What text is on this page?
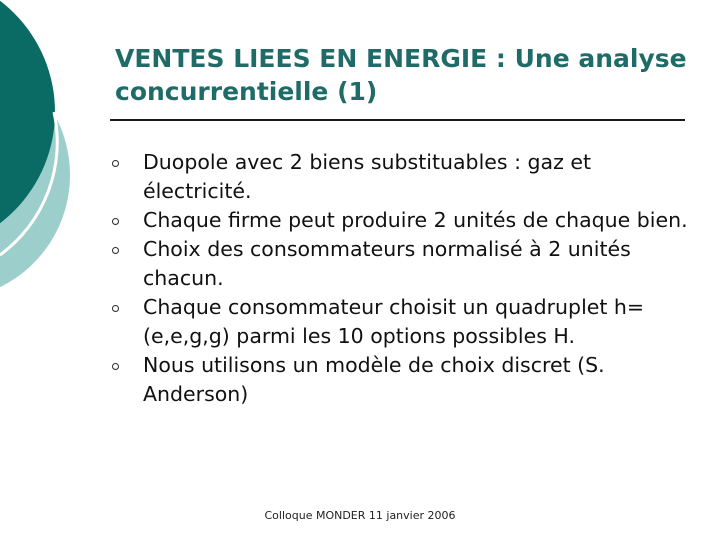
VENTES LIEES EN ENERGIE : Une analyse concurrentielle (1)
Duopole avec 2 biens substituables : gaz et électricité.
Chaque firme peut produire 2 unités de chaque bien.
Choix des consommateurs normalisé à 2 unités chacun.
Chaque consommateur choisit un quadruplet h=(e,e,g,g) parmi les 10 options possibles H.
Nous utilisons un modèle de choix discret (S. Anderson)
Colloque MONDER 11 janvier 2006
